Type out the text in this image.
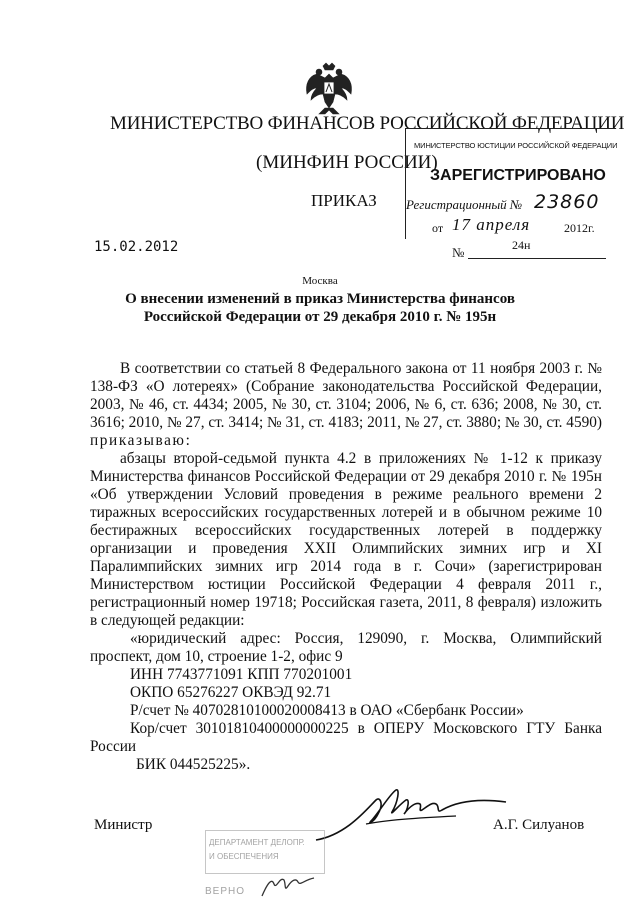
МИНИСТЕРСТВО ФИНАНСОВ РОССИЙСКОЙ ФЕДЕРАЦИИ
(МИНФИН РОССИИ)
ПРИКАЗ
МИНИСТЕРСТВО ЮСТИЦИИ РОССИЙСКОЙ ФЕДЕРАЦИИ
ЗАРЕГИСТРИРОВАНО
Регистрационный № 23860
от 17 апреля	2012г.
15.02.2012	№	24н
Москва
О внесении изменений в приказ Министерства финансов
Российской Федерации от 29 декабря 2010 г. № 195н

В соответствии со статьей 8 Федерального закона от 11 ноября 2003 г. № 138-ФЗ «О лотереях» (Собрание законодательства Российской Федерации, 2003, № 46, ст. 4434; 2005, № 30, ст. 3104; 2006, № 6, ст. 636; 2008, № 30, ст. 3616; 2010, № 27, ст. 3414; № 31, ст. 4183; 2011, № 27, ст. 3880; № 30, ст. 4590) приказываю:

абзацы второй-седьмой пункта 4.2 в приложениях № 1-12 к приказу Министерства финансов Российской Федерации от 29 декабря 2010 г. № 195н «Об утверждении Условий проведения в режиме реального времени 2 тиражных всероссийских государственных лотерей и в обычном режиме 10 бестиражных всероссийских государственных лотерей в поддержку организации и проведения XXII Олимпийских зимних игр и XI Паралимпийских зимних игр 2014 года в г. Сочи» (зарегистрирован Министерством юстиции Российской Федерации 4 февраля 2011 г., регистрационный номер 19718; Российская газета, 2011, 8 февраля) изложить в следующей редакции:

«юридический адрес: Россия, 129090, г. Москва, Олимпийский проспект, дом 10, строение 1-2, офис 9

ИНН 7743771091 КПП 770201001

ОКПО 65276227 ОКВЭД 92.71

Р/счет № 40702810100020008413 в ОАО «Сбербанк России»

Кор/счет 30101810400000000225 в ОПЕРУ Московского ГТУ Банка России

БИК 044525225».

Министр	А.Г. Силуанов
ДЕПАРТАМЕНТ ДЕЛОПР.
И ОБЕСПЕЧЕНИЯ
ВЕРНО
